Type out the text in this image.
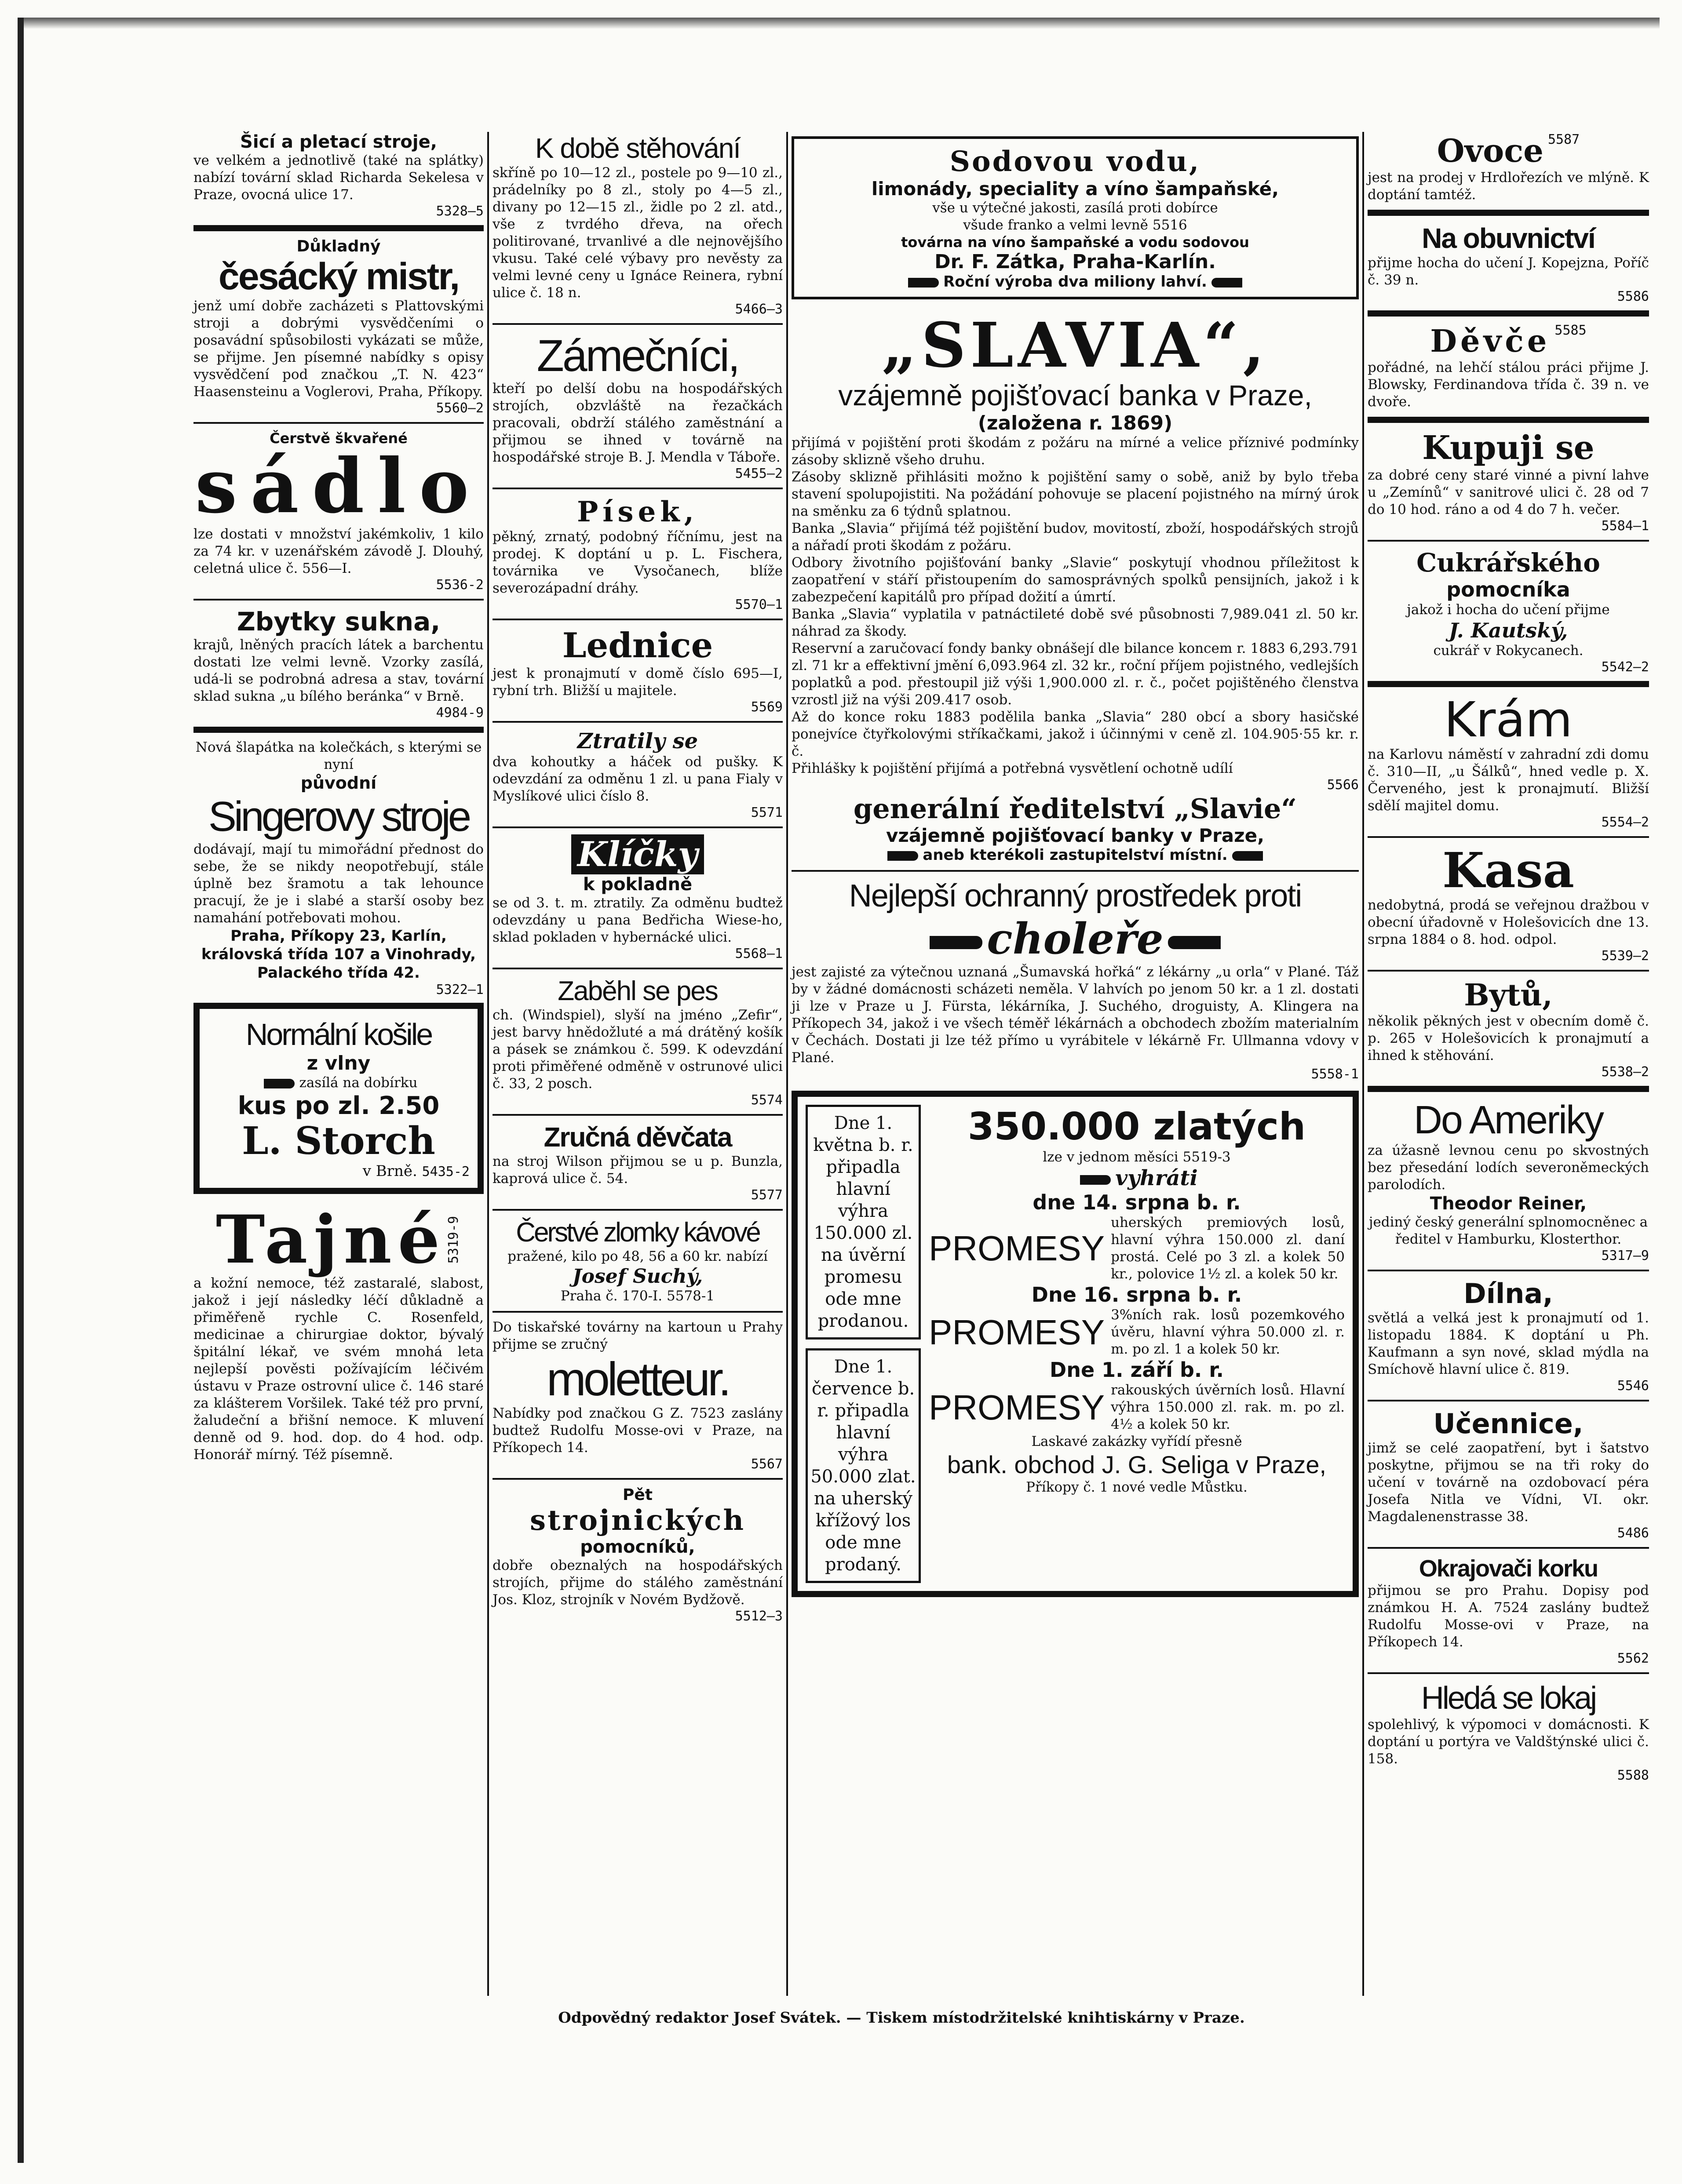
Šicí a pletací stroje,
ve velkém a jednotlivě (také na splátky) nabízí tovární sklad Richarda Sekelesa v Praze, ovocná ulice 17.
5328—5
Důkladný
česácký mistr,
jenž umí dobře zacházeti s Plattovskými stroji a dobrými vysvědčeními o posavádní spůsobilosti vykázati se může, se přijme. Jen písemné nabídky s opisy vysvědčení pod značkou „T. N. 423“ Haasensteinu a Voglerovi, Praha, Příkopy.
5560—2
Čerstvě škvařené
sádlo
lze dostati v množství jakémkoliv, 1 kilo za 74 kr. v uzenářském závodě J. Dlouhý, celetná ulice č. 556—I.
5536-2
Zbytky sukna,
krajů, lněných pracích látek a barchentu dostati lze velmi levně. Vzorky zasílá, udá-li se podrobná adresa a stav, tovární sklad sukna „u bílého beránka“ v Brně.
4984-9
Nová šlapátka na kolečkách, s kterými se nyní
původní
Singerovy stroje
dodávají, mají tu mimořádní přednost do sebe, že se nikdy neopotřebují, stále úplně bez šramotu a tak lehounce pracují, že je i slabé a starší osoby bez namahání potřebovati mohou.
Praha, Příkopy 23, Karlín, královská třída 107 a Vinohrady, Palackého třída 42.
5322—1
Normální košile
z vlny
zasílá na dobírku
kus po zl. 2.50
L. Storch
v Brně. 5435-2
Tajné 5319-9
a kožní nemoce, též zastaralé, slabost, jakož i její následky léčí důkladně a přiměřeně rychle C. Rosenfeld, medicinae a chirurgiae doktor, bývalý špitální lékař, ve svém mnohá leta nejlepší pověsti požívajícím léčivém ústavu v Praze ostrovní ulice č. 146 staré za klášterem Voršilek. Také též pro první, žaludeční a břišní nemoce. K mluvení denně od 9. hod. dop. do 4 hod. odp. Honorář mírný. Též písemně.
K době stěhování
skříně po 10—12 zl., postele po 9—10 zl., prádelníky po 8 zl., stoly po 4—5 zl., divany po 12—15 zl., židle po 2 zl. atd., vše z tvrdého dřeva, na ořech politirované, trvanlivé a dle nejnovějšího vkusu. Také celé výbavy pro nevěsty za velmi levné ceny u Ignáce Reinera, rybní ulice č. 18 n.
5466—3
Zámečníci,
kteří po delší dobu na hospodářských strojích, obzvláště na řezačkách pracovali, obdrží stálého zaměstnání a přijmou se ihned v továrně na hospodářské stroje B. J. Mendla v Táboře.
5455—2
Písek,
pěkný, zrnatý, podobný říčnímu, jest na prodej. K doptání u p. L. Fischera, továrnika ve Vysočanech, blíže severozápadní dráhy.
5570—1
Lednice
jest k pronajmutí v domě číslo 695—I, rybní trh. Bližší u majitele.
5569
Ztratily se
dva kohoutky a háček od pušky. K odevzdání za odměnu 1 zl. u pana Fialy v Myslíkové ulici číslo 8.
5571
Klíčky
k pokladně
se od 3. t. m. ztratily. Za odměnu budtež odevzdány u pana Bedřicha Wiese-ho, sklad pokladen v hybernácké ulici.
5568—1
Zaběhl se pes
ch. (Windspiel), slyší na jméno „Zefir“, jest barvy hnědožluté a má drátěný košík a pásek se známkou č. 599. K odevzdání proti přiměřené odměně v ostrunové ulici č. 33, 2 posch.
5574
Zručná děvčata
na stroj Wilson přijmou se u p. Bunzla, kaprová ulice č. 54.
5577
Čerstvé zlomky kávové
pražené, kilo po 48, 56 a 60 kr. nabízí
Josef Suchý,
Praha č. 170-I. 5578-1
Do tiskařské továrny na kartoun u Prahy přijme se zručný
moletteur.
Nabídky pod značkou G Z. 7523 zaslány budtež Rudolfu Mosse-ovi v Praze, na Příkopech 14.
5567
Pět
strojnických
pomocníků,
dobře obeznalých na hospodářských strojích, přijme do stálého zaměstnání Jos. Kloz, strojník v Novém Bydžově.
5512—3
Sodovou vodu,
limonády, speciality a víno šampaňské,
vše u výtečné jakosti, zasílá proti dobírce
všude franko a velmi levně 5516
továrna na víno šampaňské a vodu sodovou
Dr. F. Zátka, Praha-Karlín.
Roční výroba dva miliony lahví.
„SLAVIA“,
vzájemně pojišťovací banka v Praze,
(založena r. 1869)
přijímá v pojištění proti škodám z požáru na mírné a velice příznivé podmínky zásoby sklizně všeho druhu.
Zásoby sklizně přihlásiti možno k pojištění samy o sobě, aniž by bylo třeba stavení spolupojistiti. Na požádání pohovuje se placení pojistného na mírný úrok na směnku za 6 týdnů splatnou.
Banka „Slavia“ přijímá též pojištění budov, movitostí, zboží, hospodářských strojů a nářadí proti škodám z požáru.
Odbory životního pojišťování banky „Slavie“ poskytují vhodnou příležitost k zaopatření v stáří přistoupením do samosprávných spolků pensijních, jakož i k zabezpečení kapitálů pro případ dožití a úmrtí.
Banka „Slavia“ vyplatila v patnáctileté době své působnosti 7,989.041 zl. 50 kr. náhrad za škody.
Reservní a zaručovací fondy banky obnášejí dle bilance koncem r. 1883 6,293.791 zl. 71 kr a effektivní jmění 6,093.964 zl. 32 kr., roční příjem pojistného, vedlejších poplatků a pod. přestoupil již výši 1,900.000 zl. r. č., počet pojištěného členstva vzrostl již na výši 209.417 osob.
Až do konce roku 1883 podělila banka „Slavia“ 280 obcí a sbory hasičské ponejvíce čtyřkolovými stříkačkami, jakož i účinnými v ceně zl. 104.905·55 kr. r. č.
Přihlášky k pojištění přijímá a potřebná vysvětlení ochotně udílí
5566
generální ředitelství „Slavie“
vzájemně pojišťovací banky v Praze,
aneb kterékoli zastupitelství místní.
Nejlepší ochranný prostředek proti
choleře
jest zajisté za výtečnou uznaná „Šumavská hořká“ z lékárny „u orla“ v Plané. Táž by v žádné domácnosti scházeti neměla. V lahvích po jenom 50 kr. a 1 zl. dostati ji lze v Praze u J. Fürsta, lékárníka, J. Suchého, droguisty, A. Klingera na Příkopech 34, jakož i ve všech téměř lékárnách a obchodech zbožím materialním v Čechách. Dostati ji lze též přímo u vyrábitele v lékárně Fr. Ullmanna vdovy v Plané.
5558-1
Dne 1. května b. r. připadla hlavní výhra 150.000 zl. na úvěrní promesu ode mne prodanou.
Dne 1. července b. r. připadla hlavní výhra 50.000 zlat. na uherský křížový los ode mne prodaný.
350.000 zlatých
lze v jednom měsíci 5519-3
vyhráti
dne 14. srpna b. r.
PROMESY
uherských premiových losů, hlavní výhra 150.000 zl. daní prostá. Celé po 3 zl. a kolek 50 kr., polovice 1½ zl. a kolek 50 kr.
Dne 16. srpna b. r.
PROMESY 3%ních rak. losů pozemkového úvěru, hlavní výhra 50.000 zl. r. m. po zl. 1 a kolek 50 kr.
Dne 1. září b. r.
PROMESY rakouských úvěrních losů. Hlavní výhra 150.000 zl. rak. m. po zl. 4½ a kolek 50 kr.
Laskavé zakázky vyřídí přesně
bank. obchod J. G. Seliga v Praze,
Příkopy č. 1 nové vedle Můstku.
Ovoce 5587
jest na prodej v Hrdlořezích ve mlýně. K doptání tamtéž.
Na obuvnictví
přijme hocha do učení J. Kopejzna, Poříč č. 39 n.
5586
Děvče 5585
pořádné, na lehčí stálou práci přijme J. Blowsky, Ferdinandova třída č. 39 n. ve dvoře.
Kupuji se
za dobré ceny staré vinné a pivní lahve u „Zemínů“ v sanitrové ulici č. 28 od 7 do 10 hod. ráno a od 4 do 7 h. večer.
5584—1
Cukrářského
pomocníka
jakož i hocha do učení přijme
J. Kautský,
cukrář v Rokycanech.
5542—2
Krám
na Karlovu náměstí v zahradní zdi domu č. 310—II, „u Šálků“, hned vedle p. X. Červeného, jest k pronajmutí. Bližší sdělí majitel domu.
5554—2
Kasa
nedobytná, prodá se veřejnou dražbou v obecní úřadovně v Holešovicích dne 13. srpna 1884 o 8. hod. odpol.
5539—2
Bytů,
několik pěkných jest v obecním domě č. p. 265 v Holešovicích k pronajmutí a ihned k stěhování.
5538—2
Do Ameriky
za úžasně levnou cenu po skvostných bez přesedání lodích severoněmeckých parolodích.
Theodor Reiner,
jediný český generální splnomocněnec a ředitel v Hamburku, Klosterthor.
5317—9
Dílna,
světlá a velká jest k pronajmutí od 1. listopadu 1884. K doptání u Ph. Kaufmann a syn nové, sklad mýdla na Smíchově hlavní ulice č. 819.
5546
Učennice,
jimž se celé zaopatření, byt i šatstvo poskytne, přijmou se na tři roky do učení v továrně na ozdobovací péra Josefa Nitla ve Vídni, VI. okr. Magdalenenstrasse 38.
5486
Okrajovači korku
přijmou se pro Prahu. Dopisy pod známkou H. A. 7524 zaslány budtež Rudolfu Mosse-ovi v Praze, na Příkopech 14.
5562
Hledá se lokaj
spolehlivý, k výpomoci v domácnosti. K doptání u portýra ve Valdštýnské ulici č. 158.
5588
Odpovědný redaktor Josef Svátek. — Tiskem místodržitelské knihtiskárny v Praze.
